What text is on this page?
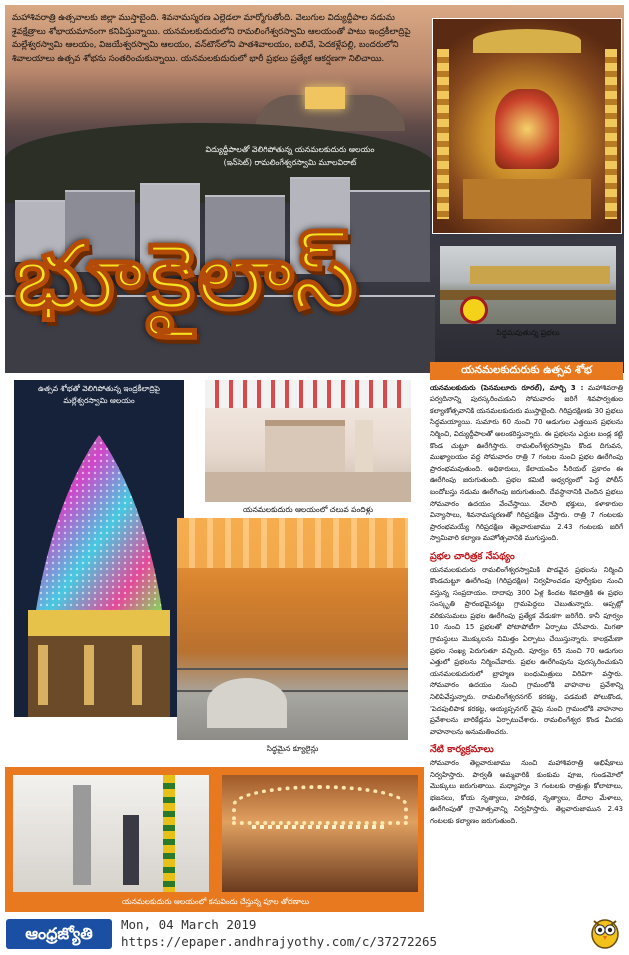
మహాశివరాత్రి ఉత్సవాలకు జిల్లా ముస్తాబైంది. శివనామస్మరణ ఎల్లెడలా మార్మోగుతోంది. వెలుగుల విద్యుద్దీపాల నడుమ శైవక్షేత్రాలు శోభాయమానంగా కనిపిస్తున్నాయి. యనమలకుదురులోని రామలింగేశ్వరస్వామి ఆలయంతో పాటు ఇంద్రకీలాద్రిపై మల్లేశ్వరస్వామి ఆలయం, విజయేశ్వరస్వామి ఆలయం, వన్‌టౌన్‌లోని పాతశివాలయం, బలివే, పెదకళ్లేపల్లి, బందరులోని శివాలయాలు ఉత్సవ శోభను సంతరించుకున్నాయి. యనమలకుదురులో భారీ ప్రభలు ప్రత్యేక ఆకర్షణగా నిలిచాయి.
విద్యుద్దీపాలతో వెలిగిపోతున్న యనమలకుదురు ఆలయం (ఇన్‌సెట్) రామలింగేశ్వరస్వామి మూలవిరాట్
సిద్ధమవుతున్న ప్రభలు
భూకైలాస్
ఉత్సవ శోభతో వెలిగిపోతున్న ఇంద్రకీలాద్రిపై మల్లేశ్వరస్వామి ఆలయం
యనమలకుదురు ఆలయంలో చలువ పందిళ్లు
సిద్ధమైన క్యూలైన్లు
యనమలకుదురు ఆలయంలో కనువిందు చేస్తున్న పూల తోరణాలు
యనమలకుదురుకు ఉత్సవ శోభ

యనమలకుదురు (పెనమలూరు రూరల్), మార్చి 3 : మహాశివరాత్రి పర్వదినాన్ని పురస్కరించుకుని సోమవారం జరిగే శివపార్వతుల కల్యాణోత్సవానికి యనమలకుదురు ముస్తాబైంది. గిరిప్రదక్షిణకు 30 ప్రభలు సిద్ధమయ్యాయి. సుమారు 60 నుంచి 70 అడుగుల ఎత్తయిన ప్రభలను నిర్మించి, విద్యుద్దీపాలతో అలంకరిస్తున్నారు. ఈ ప్రభలను ఎద్దుల బండ్ల కట్టి కొండ చుట్టూ ఊరేగిస్తారు. రామలింగేశ్వరస్వామి కొండ దిగువన, ముఖ్యాలయం వద్ద సోమవారం రాత్రి 7 గంటల నుంచి ప్రభల ఊరేగింపు ప్రారంభమవుతుంది. అధికారులు, కేలాయంపిం సీరియల్ ప్రకారం ఈ ఊరేగింపు జరుగుతుంది. ప్రభల కమిటీ ఆధ్వర్యంలో పెద్ద పోలీస్ బందోబస్తు నడుమ ఊరేగింపు జరుగుతుంది. దేవస్థానానికి చెందిన ప్రభలు సోమవారం ఉదయం వేంచేస్తాయి. వేలాది భక్తులు, కళాకారుల విన్యాసాలు, శివనామస్మరణతో గిరిప్రదక్షిణ చేస్తారు. రాత్రి 7 గంటలకు ప్రారంభమయ్యే గిరిప్రదక్షిణ తెల్లవారుజాము 2.43 గంటలకు జరిగే స్వామివారి కల్యాణ మహోత్సవానికి ముగుస్తుంది.

ప్రభల చారిత్రక నేపథ్యం

యనమలకుదురు రామలింగేశ్వరస్వామికి పొడవైన ప్రభలను నిర్మించి కొండచుట్టూ ఊరేగింపు (గిరిప్రదక్షిణ) నిర్వహించడం పూర్వీకుల నుంచి వస్తున్న సంప్రదాయం. దాదాపు 300 ఏళ్ల కిందట శివరాత్రికి ఈ ప్రభల సంస్కృతి ప్రారంభమైనట్టు గ్రామపెద్దలు చెబుతున్నారు. ఆప్పట్లో వరికుసుమలు ప్రభల ఊరేగింపు ప్రత్యేక వేడుకగా జరిగేది. కానీ పూర్వం 10 నుంచి 15 ప్రభలతో పోటాపోటీగా ఏర్పాటు చేసేవారు. మిగతా గ్రామస్థులు మొక్కులను నిమిత్తం ఏర్పాటు చేయిస్తున్నారు. కాలక్రమేణా ప్రభల సంఖ్య పెరుగుతూ వచ్చింది. పూర్వం 65 నుంచి 70 అడుగుల ఎత్తులో ప్రభలను నిర్మించేవారు. ప్రభల ఊరేగింపును పురస్కరించుకుని యనమలకుదురులో బ్రాహ్మణ బంధుమిత్రులు విరివిగా వస్తారు. సోమవారం ఉదయం నుంచి గ్రామంలోకి వాహనాల ప్రవేశాన్ని నిలిపివేస్తున్నారు. రామలింగేశ్వరనగర్ కరకట్ట, పడమటి పోలుకొండ, 'పెదపులిపాక కరకట్ట, ఆయ్యప్పనగర్ వైపు నుంచి గ్రామంలోకి వాహనాల ప్రవేశాలను బారికేడ్లను ఏర్పాటుచేశారు. రామలింగేశ్వర కొండ మీదకు వాహనాలను అనుమతించరు.

నేటి కార్యక్రమాలు

సోమవారం తెల్లవారుజాము నుంచి మహాశివరాత్రి అభిషేకాలు నిర్వహిస్తారు. పార్వతీ అమ్మవారికి కుంకుమ పూజ, గుండమోలో మొక్కులు జరుగుతాయి. మధ్యాహ్నం 3 గంటలకు రాత్రుళ్లు కోలాటాలు, భజనలు, కోయ నృత్యాలు, హరికథ, నృత్యాలు, డేరాల మేళాలు, ఊరేగింపుతో గ్రామోత్సవాన్ని నిర్వహిస్తారు. తెల్లవారుజామున 2.43 గంటలకు కల్యాణం జరుగుతుంది.

ఆంధ్రజ్యోతి	Mon, 04 March 2019
https://epaper.andhrajyothy.com/c/37272265
